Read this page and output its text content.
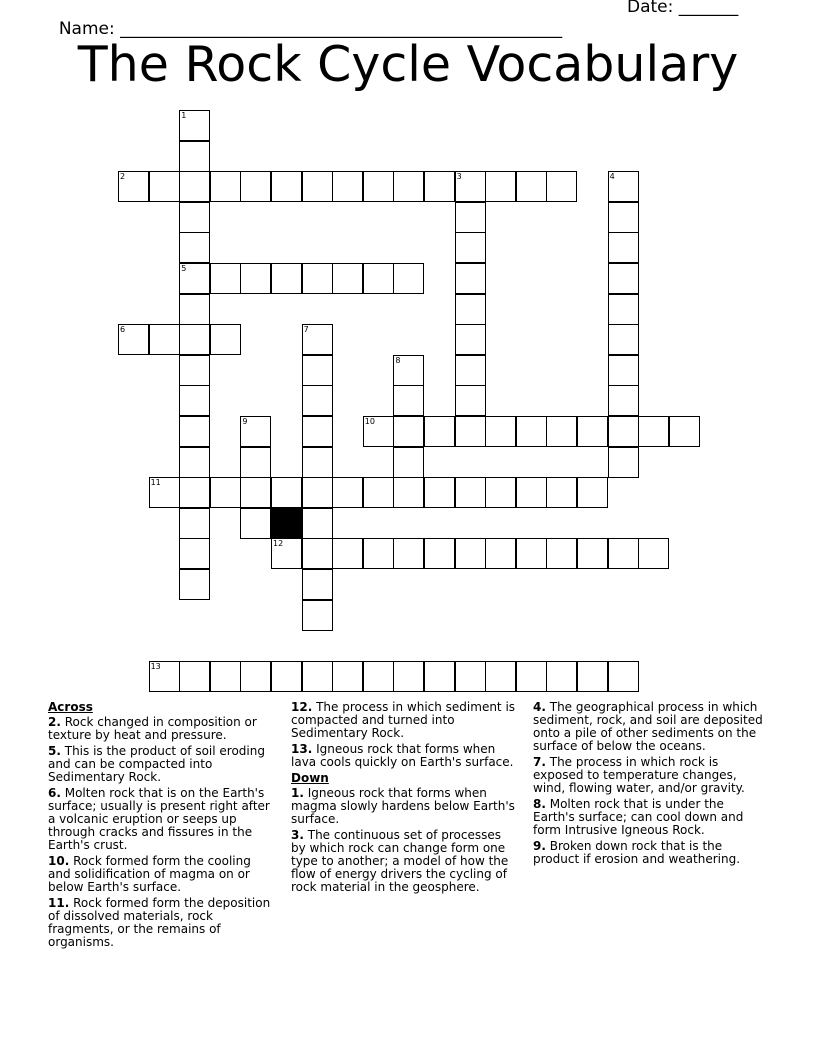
Name: ____________________________________________________

Date: _______

The Rock Cycle Vocabulary
1
5
2	3	4
6	7
8
9	10
11
12
13
Across
2. Rock changed in composition or texture by heat and pressure.
5. This is the product of soil eroding and can be compacted into Sedimentary Rock.
6. Molten rock that is on the Earth's surface; usually is present right after a volcanic eruption or seeps up through cracks and fissures in the Earth's crust.
10. Rock formed form the cooling and solidification of magma on or below Earth's surface.
11. Rock formed form the deposition of dissolved materials, rock fragments, or the remains of organisms.
12. The process in which sediment is compacted and turned into Sedimentary Rock.
13. Igneous rock that forms when lava cools quickly on Earth's surface.
Down
1. Igneous rock that forms when magma slowly hardens below Earth's surface.
3. The continuous set of processes by which rock can change form one type to another; a model of how the flow of energy drivers the cycling of rock material in the geosphere.
4. The geographical process in which sediment, rock, and soil are deposited onto a pile of other sediments on the surface of below the oceans.
7. The process in which rock is exposed to temperature changes, wind, flowing water, and/or gravity.
8. Molten rock that is under the Earth's surface; can cool down and form Intrusive Igneous Rock.
9. Broken down rock that is the product if erosion and weathering.
